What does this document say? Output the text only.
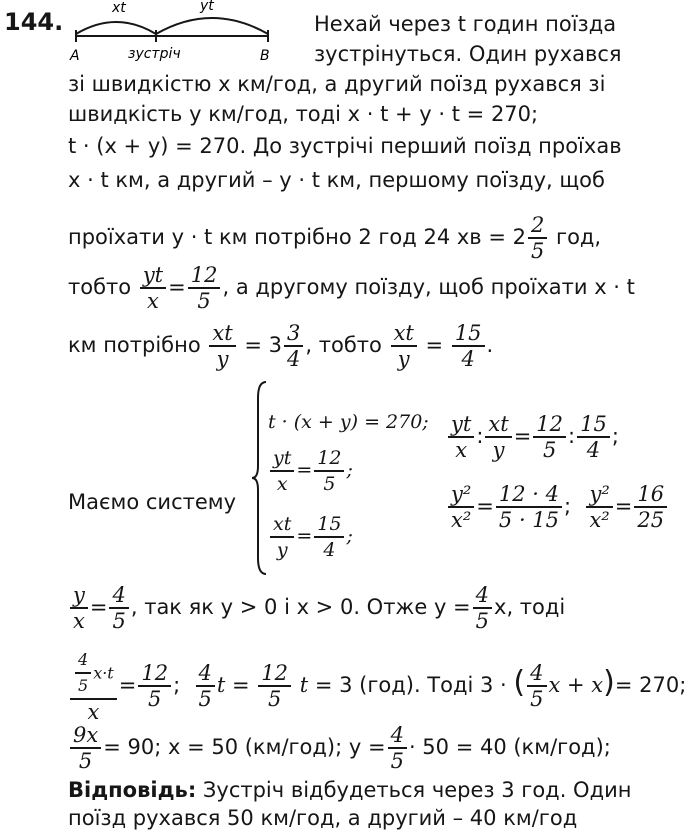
144.	xt	yt
A	B
зустріч
Нехай через t годин поїзда
зустрінуться. Один рухався
зі швидкістю x км/год, а другий поїзд рухався зі
швидкість y км/год, тоді x · t + y · t = 270;
t · (x + y) = 270. До зустрічі перший поїзд проїхав
x · t км, а другий – y · t км, першому поїзду, щоб
проїхати y · t км потрібно 2 год 24 хв = $2 \frac{2}{5}$ год,
тобто $\frac{yt}{x} = \frac{12}{5}$ , а другому поїзду, щоб проїхати x · t
км потрібно $\frac{xt}{y} = 3 \frac{3}{4}$ , тобто $\frac{xt}{y} = \frac{15}{4}$ .
Маємо систему
t · (x + y) = 270;
$\frac{yt}{x} = \frac{12}{5}$ ;
$\frac{xt}{y} = \frac{15}{4}$ ;
$\frac{yt}{x}$ : $\frac{xt}{y} = \frac{12}{5}$ : $\frac{15}{4}$ ;
$\frac{\text{y²}}{\text{x²}} = \frac{12 \cdot 4}{5 \cdot 15}$ ; $\frac{\text{y²}}{\text{x²}} = \frac{16}{25}$
$\frac{y}{x} = \frac{4}{5}$ , так як y > 0 і x > 0. Отже $y = \frac{4}{5} x$, тоді
$\frac{\frac{4}{5} x\cdot t}{x} = \frac{12}{5}$ ; $\frac{4}{5}$ $t = \frac{12}{5}$ t = 3 (год). Тоді 3 · ( $\frac{4}{5}$ x + x)= 270;
$\frac{9x}{5} = 90$; x = 50 (км/год); $y = \frac{4}{5} \cdot 50 = 40$ (км/год);
Відповідь: Зустріч відбудеться через 3 год. Один
поїзд рухався 50 км/год, а другий – 40 км/год
